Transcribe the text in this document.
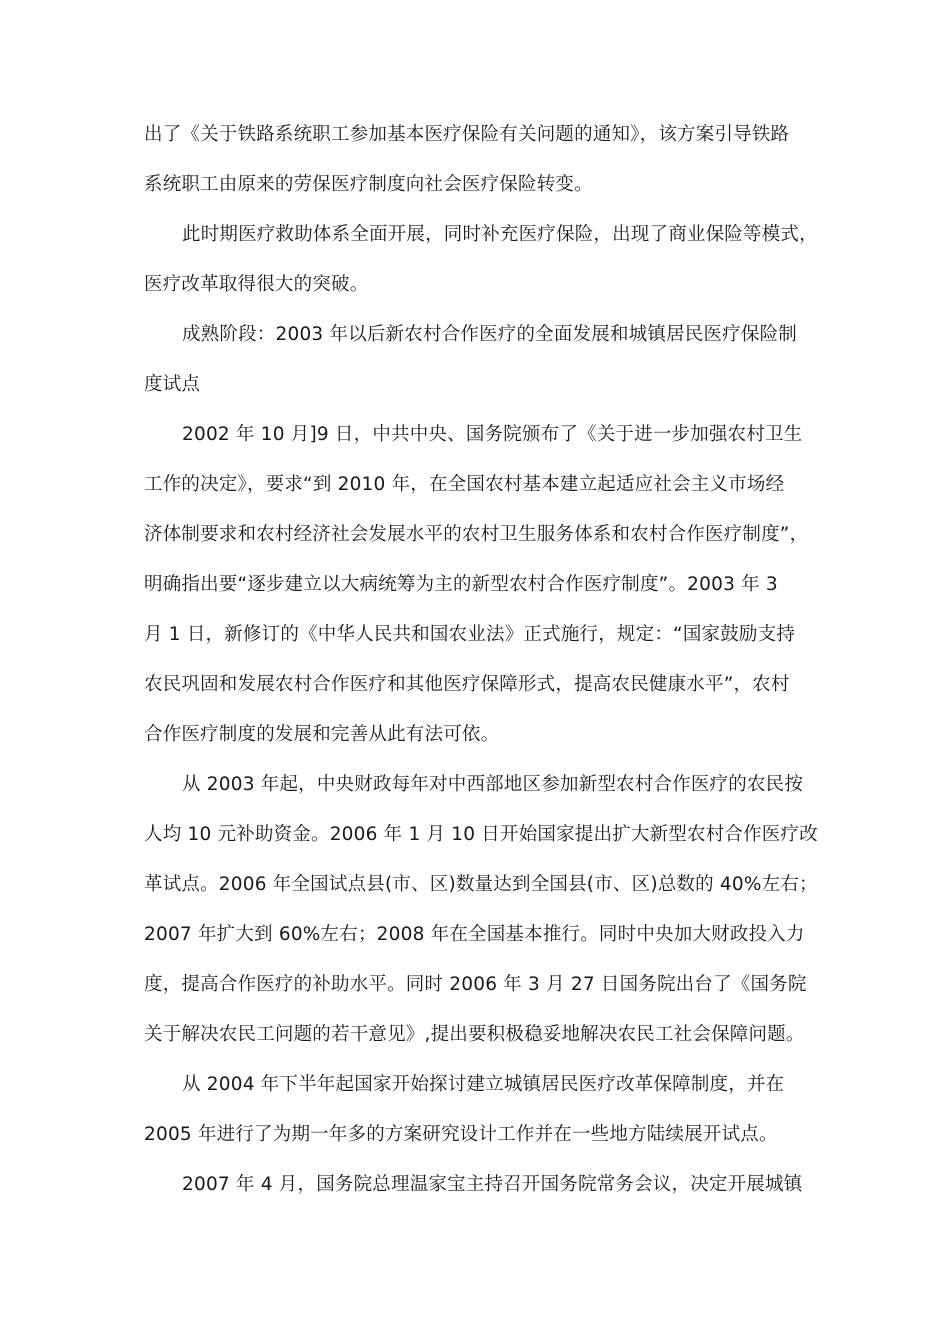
出了《关于铁路系统职工参加基本医疗保险有关问题的通知》，该方案引导铁路
系统职工由原来的劳保医疗制度向社会医疗保险转变。
此时期医疗救助体系全面开展，同时补充医疗保险，出现了商业保险等模式，
医疗改革取得很大的突破。
成熟阶段：2003 年以后新农村合作医疗的全面发展和城镇居民医疗保险制
度试点
2002 年 10 月]9 日，中共中央、国务院颁布了《关于进一步加强农村卫生
工作的决定》，要求“到 2010 年，在全国农村基本建立起适应社会主义市场经
济体制要求和农村经济社会发展水平的农村卫生服务体系和农村合作医疗制度”，
明确指出要“逐步建立以大病统筹为主的新型农村合作医疗制度”。2003 年 3
月 1 日，新修订的《中华人民共和国农业法》正式施行，规定：“国家鼓励支持
农民巩固和发展农村合作医疗和其他医疗保障形式，提高农民健康水平”，农村
合作医疗制度的发展和完善从此有法可依。
从 2003 年起，中央财政每年对中西部地区参加新型农村合作医疗的农民按
人均 10 元补助资金。2006 年 1 月 10 日开始国家提出扩大新型农村合作医疗改
革试点。2006 年全国试点县(市、区)数量达到全国县(市、区)总数的 40%左右；
2007 年扩大到 60%左右；2008 年在全国基本推行。同时中央加大财政投入力
度，提高合作医疗的补助水平。同时 2006 年 3 月 27 日国务院出台了《国务院
关于解决农民工问题的若干意见》,提出要积极稳妥地解决农民工社会保障问题。
从 2004 年下半年起国家开始探讨建立城镇居民医疗改革保障制度，并在
2005 年进行了为期一年多的方案研究设计工作并在一些地方陆续展开试点。
2007 年 4 月，国务院总理温家宝主持召开国务院常务会议，决定开展城镇
